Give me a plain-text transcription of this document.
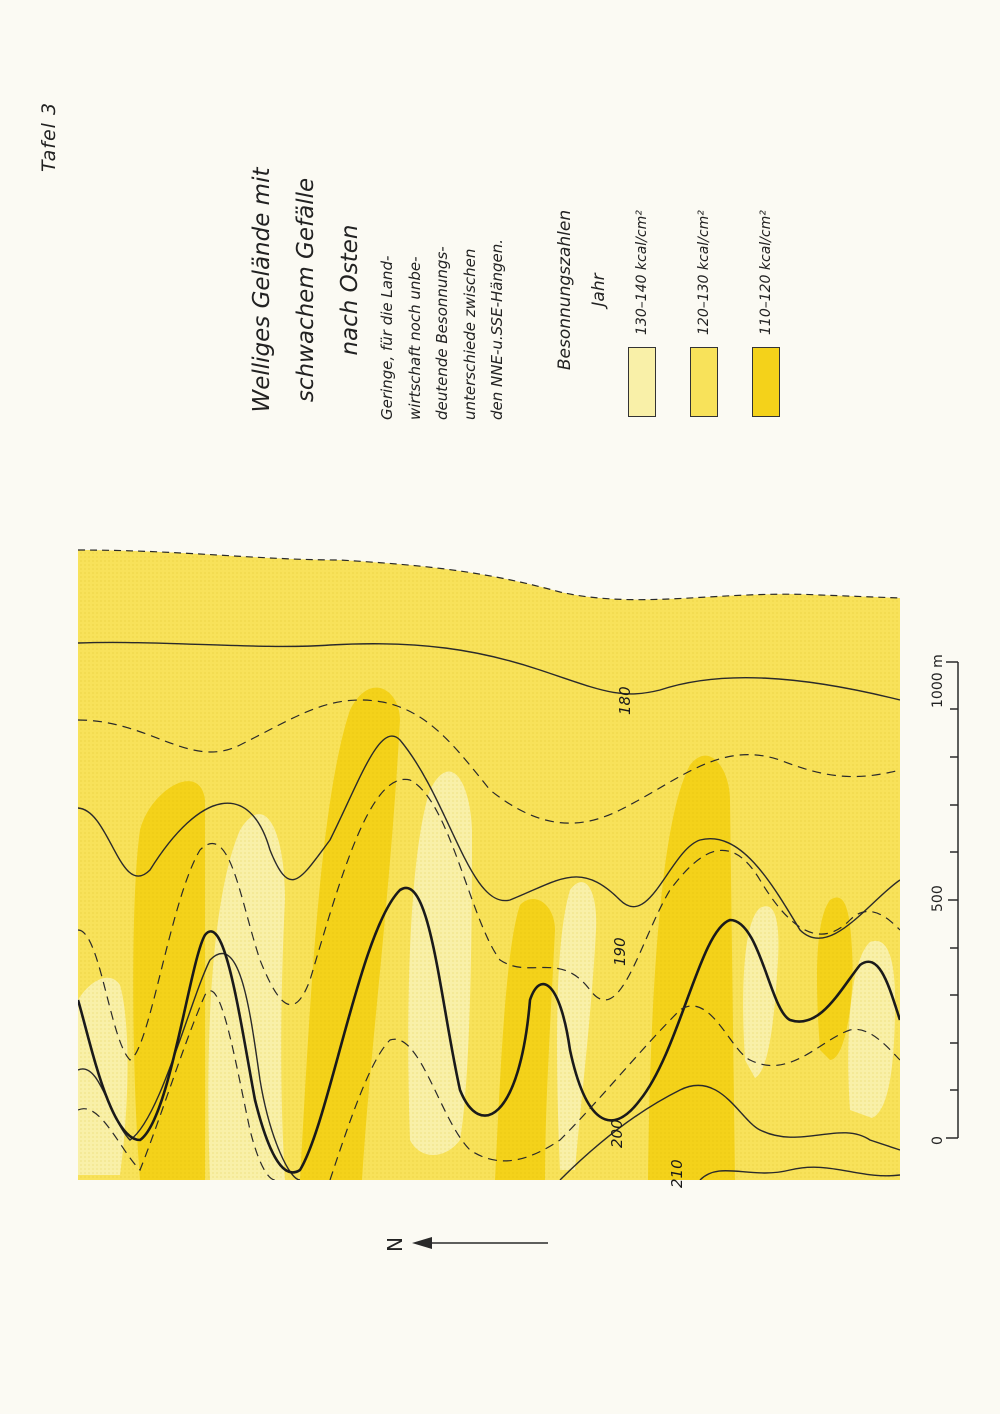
180
190
200
210
0
500
1000 m
N
Tafel 3
Welliges Gelände mit schwachem Gefälle nach Osten	Geringe, für die Land- wirtschaft noch unbe- deutende Besonnungs- unterschiede zwischen den NNE-u.SSE-Hängen.	Besonnungszahlen Jahr	130–140 kcal/cm²	120–130 kcal/cm²	110–120 kcal/cm²
